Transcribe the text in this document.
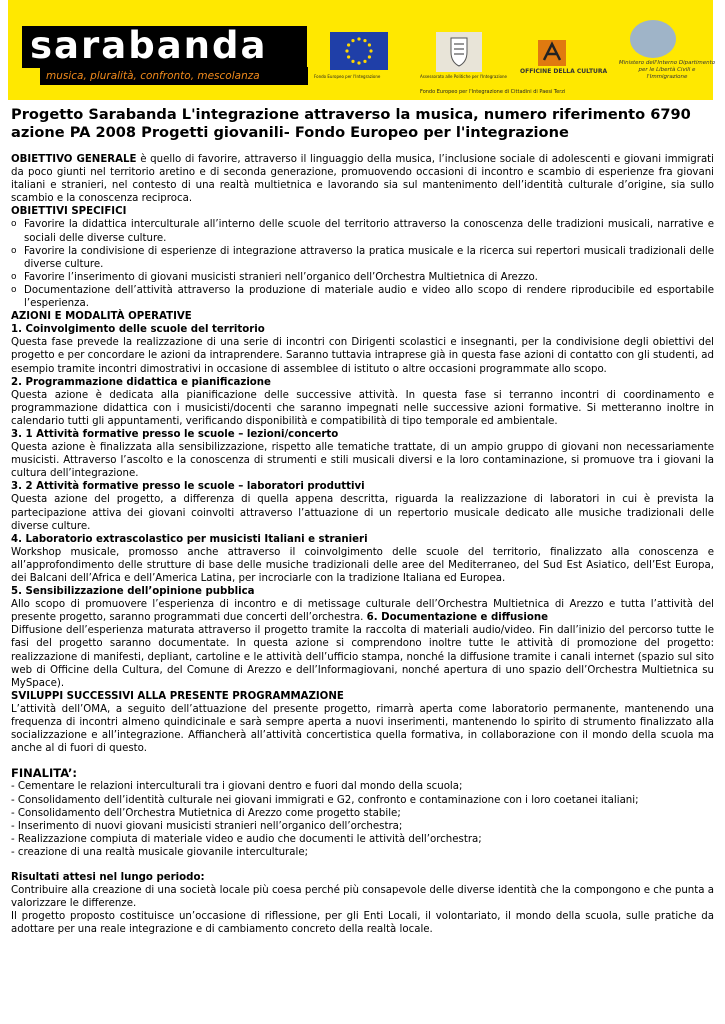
sarabanda
musica, pluralità, confronto, mescolanza	Fondo Europeo per l'Integrazione	Assessorato alle Politiche per l'Integrazione
OFFICINE DELLA CULTURA
Ministero dell'Interno Dipartimento per le Libertà Civili e l'Immigrazione
Fondo Europeo per l'Integrazione di Cittadini di Paesi Terzi
Progetto Sarabanda L'integrazione attraverso la musica, numero riferimento 6790 azione PA 2008 Progetti giovanili- Fondo Europeo per l'integrazione

OBIETTIVO GENERALE è quello di favorire, attraverso il linguaggio della musica, l’inclusione sociale di adolescenti e giovani immigrati da poco giunti nel territorio aretino e di seconda generazione, promuovendo occasioni di incontro e scambio di esperienze fra giovani italiani e stranieri, nel contesto di una realtà multietnica e lavorando sia sul mantenimento dell’identità culturale d’origine, sia sullo scambio e la conoscenza reciproca.

OBIETTIVI SPECIFICI

o Favorire la didattica interculturale all’interno delle scuole del territorio attraverso la conoscenza delle tradizioni musicali, narrative e sociali delle diverse culture.
o Favorire la condivisione di esperienze di integrazione attraverso la pratica musicale e la ricerca sui repertori musicali tradizionali delle diverse culture.
o Favorire l’inserimento di giovani musicisti stranieri nell’organico dell’Orchestra Multietnica di Arezzo.
o Documentazione dell’attività attraverso la produzione di materiale audio e video allo scopo di rendere riproducibile ed esportabile l’esperienza.

AZIONI E MODALITÀ OPERATIVE

1. Coinvolgimento delle scuole del territorio

Questa fase prevede la realizzazione di una serie di incontri con Dirigenti scolastici e insegnanti, per la condivisione degli obiettivi del progetto e per concordare le azioni da intraprendere. Saranno tuttavia intraprese già in questa fase azioni di contatto con gli studenti, ad esempio tramite incontri dimostrativi in occasione di assemblee di istituto o altre occasioni programmate allo scopo.

2. Programmazione didattica e pianificazione

Questa azione è dedicata alla pianificazione delle successive attività. In questa fase si terranno incontri di coordinamento e programmazione didattica con i musicisti/docenti che saranno impegnati nelle successive azioni formative. Si metteranno inoltre in calendario tutti gli appuntamenti, verificando disponibilità e compatibilità di tipo temporale ed ambientale.

3. 1 Attività formative presso le scuole – lezioni/concerto

Questa azione è finalizzata alla sensibilizzazione, rispetto alle tematiche trattate, di un ampio gruppo di giovani non necessariamente musicisti. Attraverso l’ascolto e la conoscenza di strumenti e stili musicali diversi e la loro contaminazione, si promuove tra i giovani la cultura dell’integrazione.

3. 2 Attività formative presso le scuole – laboratori produttivi

Questa azione del progetto, a differenza di quella appena descritta, riguarda la realizzazione di laboratori in cui è prevista la partecipazione attiva dei giovani coinvolti attraverso l’attuazione di un repertorio musicale dedicato alle musiche tradizionali delle diverse culture.

4. Laboratorio extrascolastico per musicisti Italiani e stranieri

Workshop musicale, promosso anche attraverso il coinvolgimento delle scuole del territorio, finalizzato alla conoscenza e all’approfondimento delle strutture di base delle musiche tradizionali delle aree del Mediterraneo, del Sud Est Asiatico, dell’Est Europa, dei Balcani dell’Africa e dell’America Latina, per incrociarle con la tradizione Italiana ed Europea.

5. Sensibilizzazione dell’opinione pubblica

Allo scopo di promuovere l’esperienza di incontro e di metissage culturale dell’Orchestra Multietnica di Arezzo e tutta l’attività del presente progetto, saranno programmati due concerti dell’orchestra. 6. Documentazione e diffusione

Diffusione dell’esperienza maturata attraverso il progetto tramite la raccolta di materiali audio/video. Fin dall’inizio del percorso tutte le fasi del progetto saranno documentate. In questa azione si comprendono inoltre tutte le attività di promozione del progetto: realizzazione di manifesti, depliant, cartoline e le attività dell’ufficio stampa, nonché la diffusione tramite i canali internet (spazio sul sito web di Officine della Cultura, del Comune di Arezzo e dell’Informagiovani, nonché apertura di uno spazio dell’Orchestra Multietnica su MySpace).

SVILUPPI SUCCESSIVI ALLA PRESENTE PROGRAMMAZIONE

L’attività dell’OMA, a seguito dell’attuazione del presente progetto, rimarrà aperta come laboratorio permanente, mantenendo una frequenza di incontri almeno quindicinale e sarà sempre aperta a nuovi inserimenti, mantenendo lo spirito di strumento finalizzato alla socializzazione e all’integrazione. Affiancherà all’attività concertistica quella formativa, in collaborazione con il mondo della scuola ma anche al di fuori di questo.

FINALITA’:

- Cementare le relazioni interculturali tra i giovani dentro e fuori dal mondo della scuola;

- Consolidamento dell’identità culturale nei giovani immigrati e G2, confronto e contaminazione con i loro coetanei italiani;

- Consolidamento dell’Orchestra Mutietnica di Arezzo come progetto stabile;

- Inserimento di nuovi giovani musicisti stranieri nell’organico dell’orchestra;

- Realizzazione compiuta di materiale video e audio che documenti le attività dell’orchestra;

- creazione di una realtà musicale giovanile interculturale;

Risultati attesi nel lungo periodo:

Contribuire alla creazione di una società locale più coesa perché più consapevole delle diverse identità che la compongono e che punta a valorizzare le differenze.

Il progetto proposto costituisce un’occasione di riflessione, per gli Enti Locali, il volontariato, il mondo della scuola, sulle pratiche da adottare per una reale integrazione e di cambiamento concreto della realtà locale.
